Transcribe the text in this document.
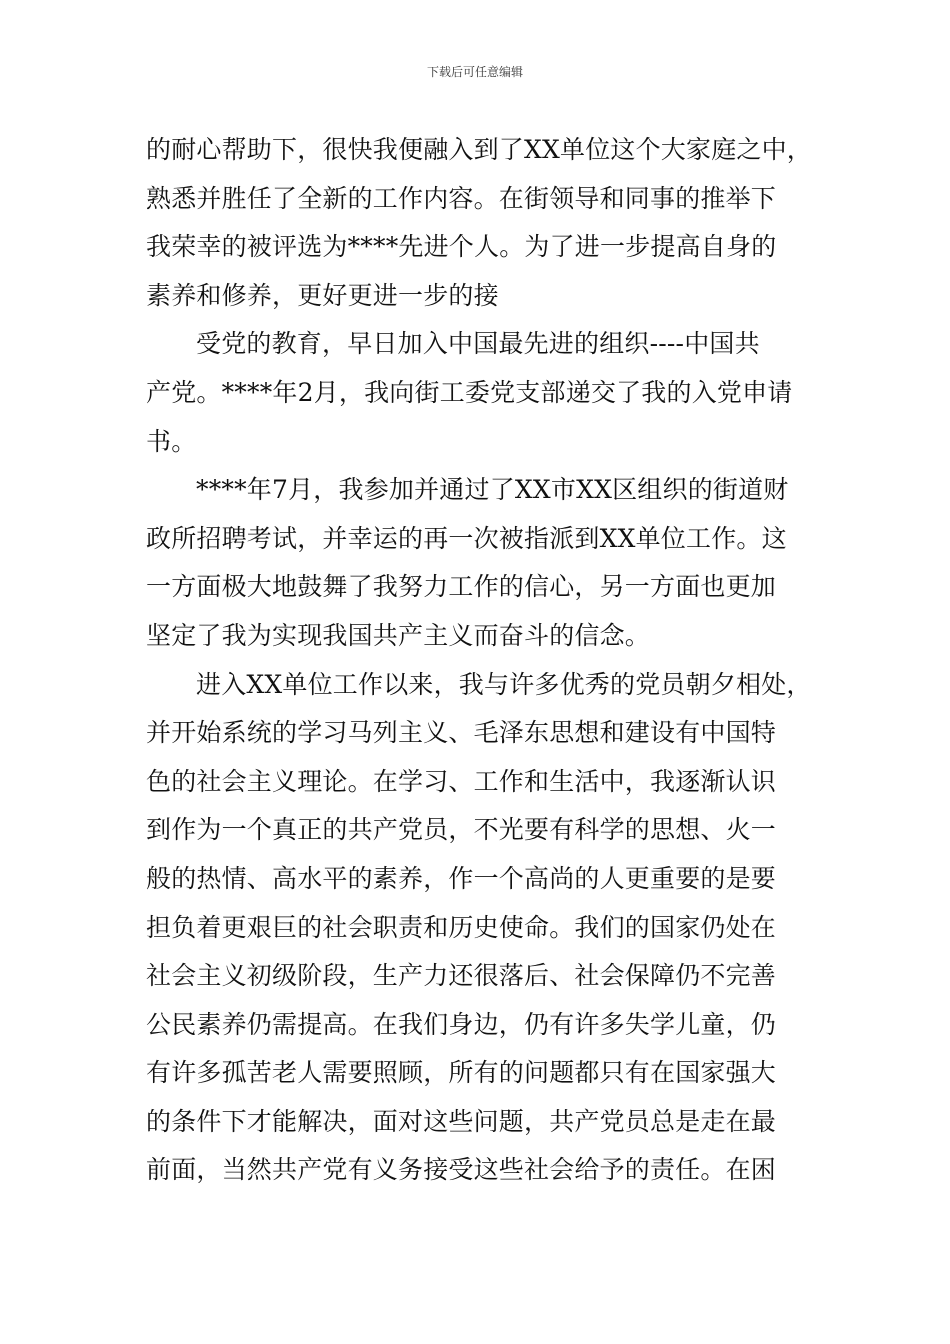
下载后可任意编辑
的耐心帮助下，很快我便融入到了XX单位这个大家庭之中，
熟悉并胜任了全新的工作内容。在街领导和同事的推举下
我荣幸的被评选为****先进个人。为了进一步提高自身的
素养和修养，更好更进一步的接
受党的教育，早日加入中国最先进的组织----中国共
产党。****年2月，我向街工委党支部递交了我的入党申请
书。
****年7月，我参加并通过了XX市XX区组织的街道财
政所招聘考试，并幸运的再一次被指派到XX单位工作。这
一方面极大地鼓舞了我努力工作的信心，另一方面也更加
坚定了我为实现我国共产主义而奋斗的信念。
进入XX单位工作以来，我与许多优秀的党员朝夕相处，
并开始系统的学习马列主义、毛泽东思想和建设有中国特
色的社会主义理论。在学习、工作和生活中，我逐渐认识
到作为一个真正的共产党员，不光要有科学的思想、火一
般的热情、高水平的素养，作一个高尚的人更重要的是要
担负着更艰巨的社会职责和历史使命。我们的国家仍处在
社会主义初级阶段，生产力还很落后、社会保障仍不完善
公民素养仍需提高。在我们身边，仍有许多失学儿童，仍
有许多孤苦老人需要照顾，所有的问题都只有在国家强大
的条件下才能解决，面对这些问题，共产党员总是走在最
前面，当然共产党有义务接受这些社会给予的责任。在困
